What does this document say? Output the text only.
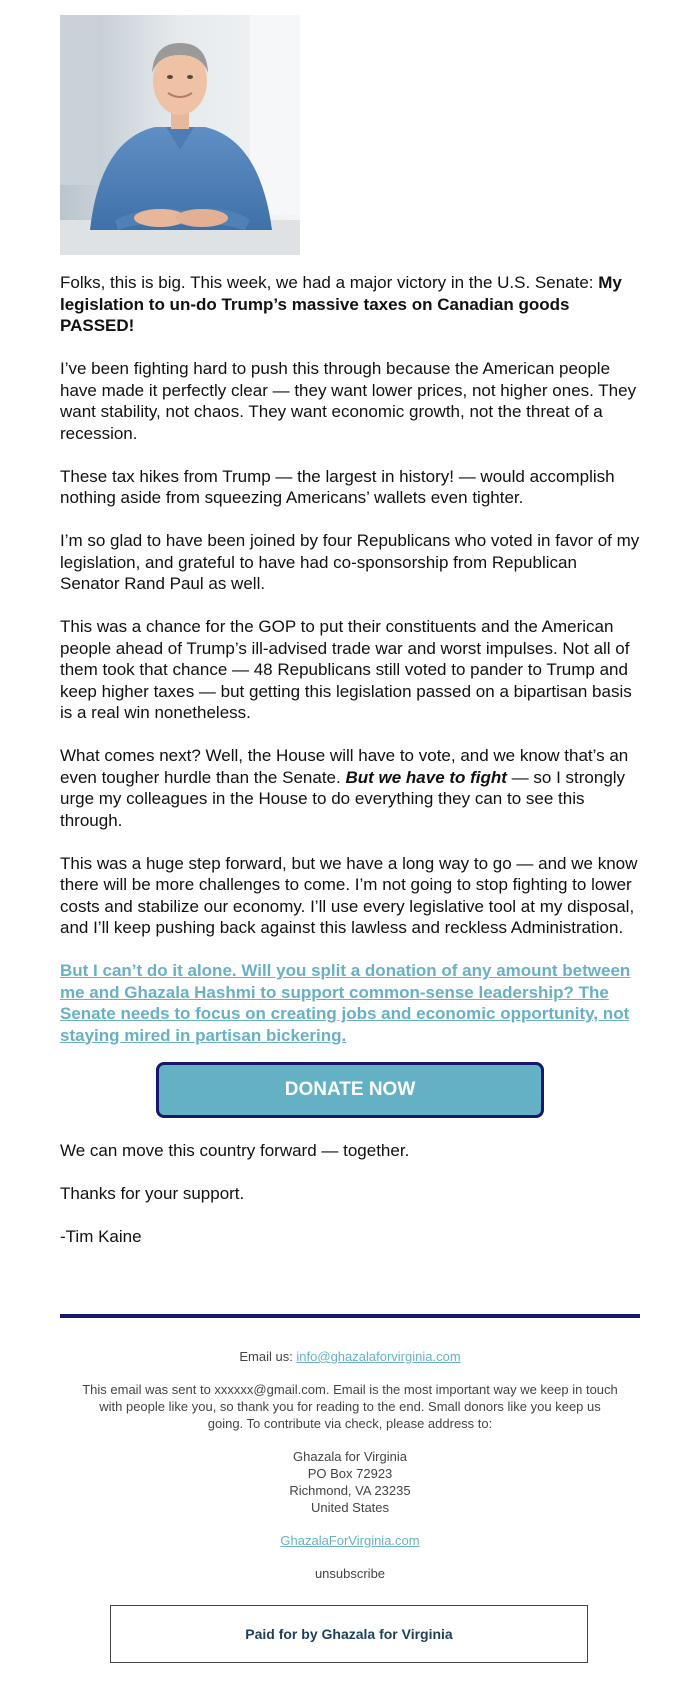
Folks, this is big. This week, we had a major victory in the U.S. Senate: My legislation to un-do Trump’s massive taxes on Canadian goods PASSED!

I’ve been fighting hard to push this through because the American people have made it perfectly clear — they want lower prices, not higher ones. They want stability, not chaos. They want economic growth, not the threat of a recession.

These tax hikes from Trump — the largest in history! — would accomplish nothing aside from squeezing Americans’ wallets even tighter.

I’m so glad to have been joined by four Republicans who voted in favor of my legislation, and grateful to have had co-sponsorship from Republican Senator Rand Paul as well.

This was a chance for the GOP to put their constituents and the American people ahead of Trump’s ill-advised trade war and worst impulses. Not all of them took that chance — 48 Republicans still voted to pander to Trump and keep higher taxes — but getting this legislation passed on a bipartisan basis is a real win nonetheless.

What comes next? Well, the House will have to vote, and we know that’s an even tougher hurdle than the Senate. But we have to fight — so I strongly urge my colleagues in the House to do everything they can to see this through.

This was a huge step forward, but we have a long way to go — and we know there will be more challenges to come. I’m not going to stop fighting to lower costs and stabilize our economy. I’ll use every legislative tool at my disposal, and I’ll keep pushing back against this lawless and reckless Administration.

But I can’t do it alone. Will you split a donation of any amount between me and Ghazala Hashmi to support common-sense leadership? The Senate needs to focus on creating jobs and economic opportunity, not staying mired in partisan bickering.
DONATE NOW

We can move this country forward — together.

Thanks for your support.

-Tim Kaine

Email us: info@ghazalaforvirginia.com

This email was sent to xxxxxx@gmail.com. Email is the most important way we keep in touch with people like you, so thank you for reading to the end. Small donors like you keep us going. To contribute via check, please address to:

Ghazala for Virginia

PO Box 72923

Richmond, VA 23235

United States

GhazalaForVirginia.com

unsubscribe

Paid for by Ghazala for Virginia
